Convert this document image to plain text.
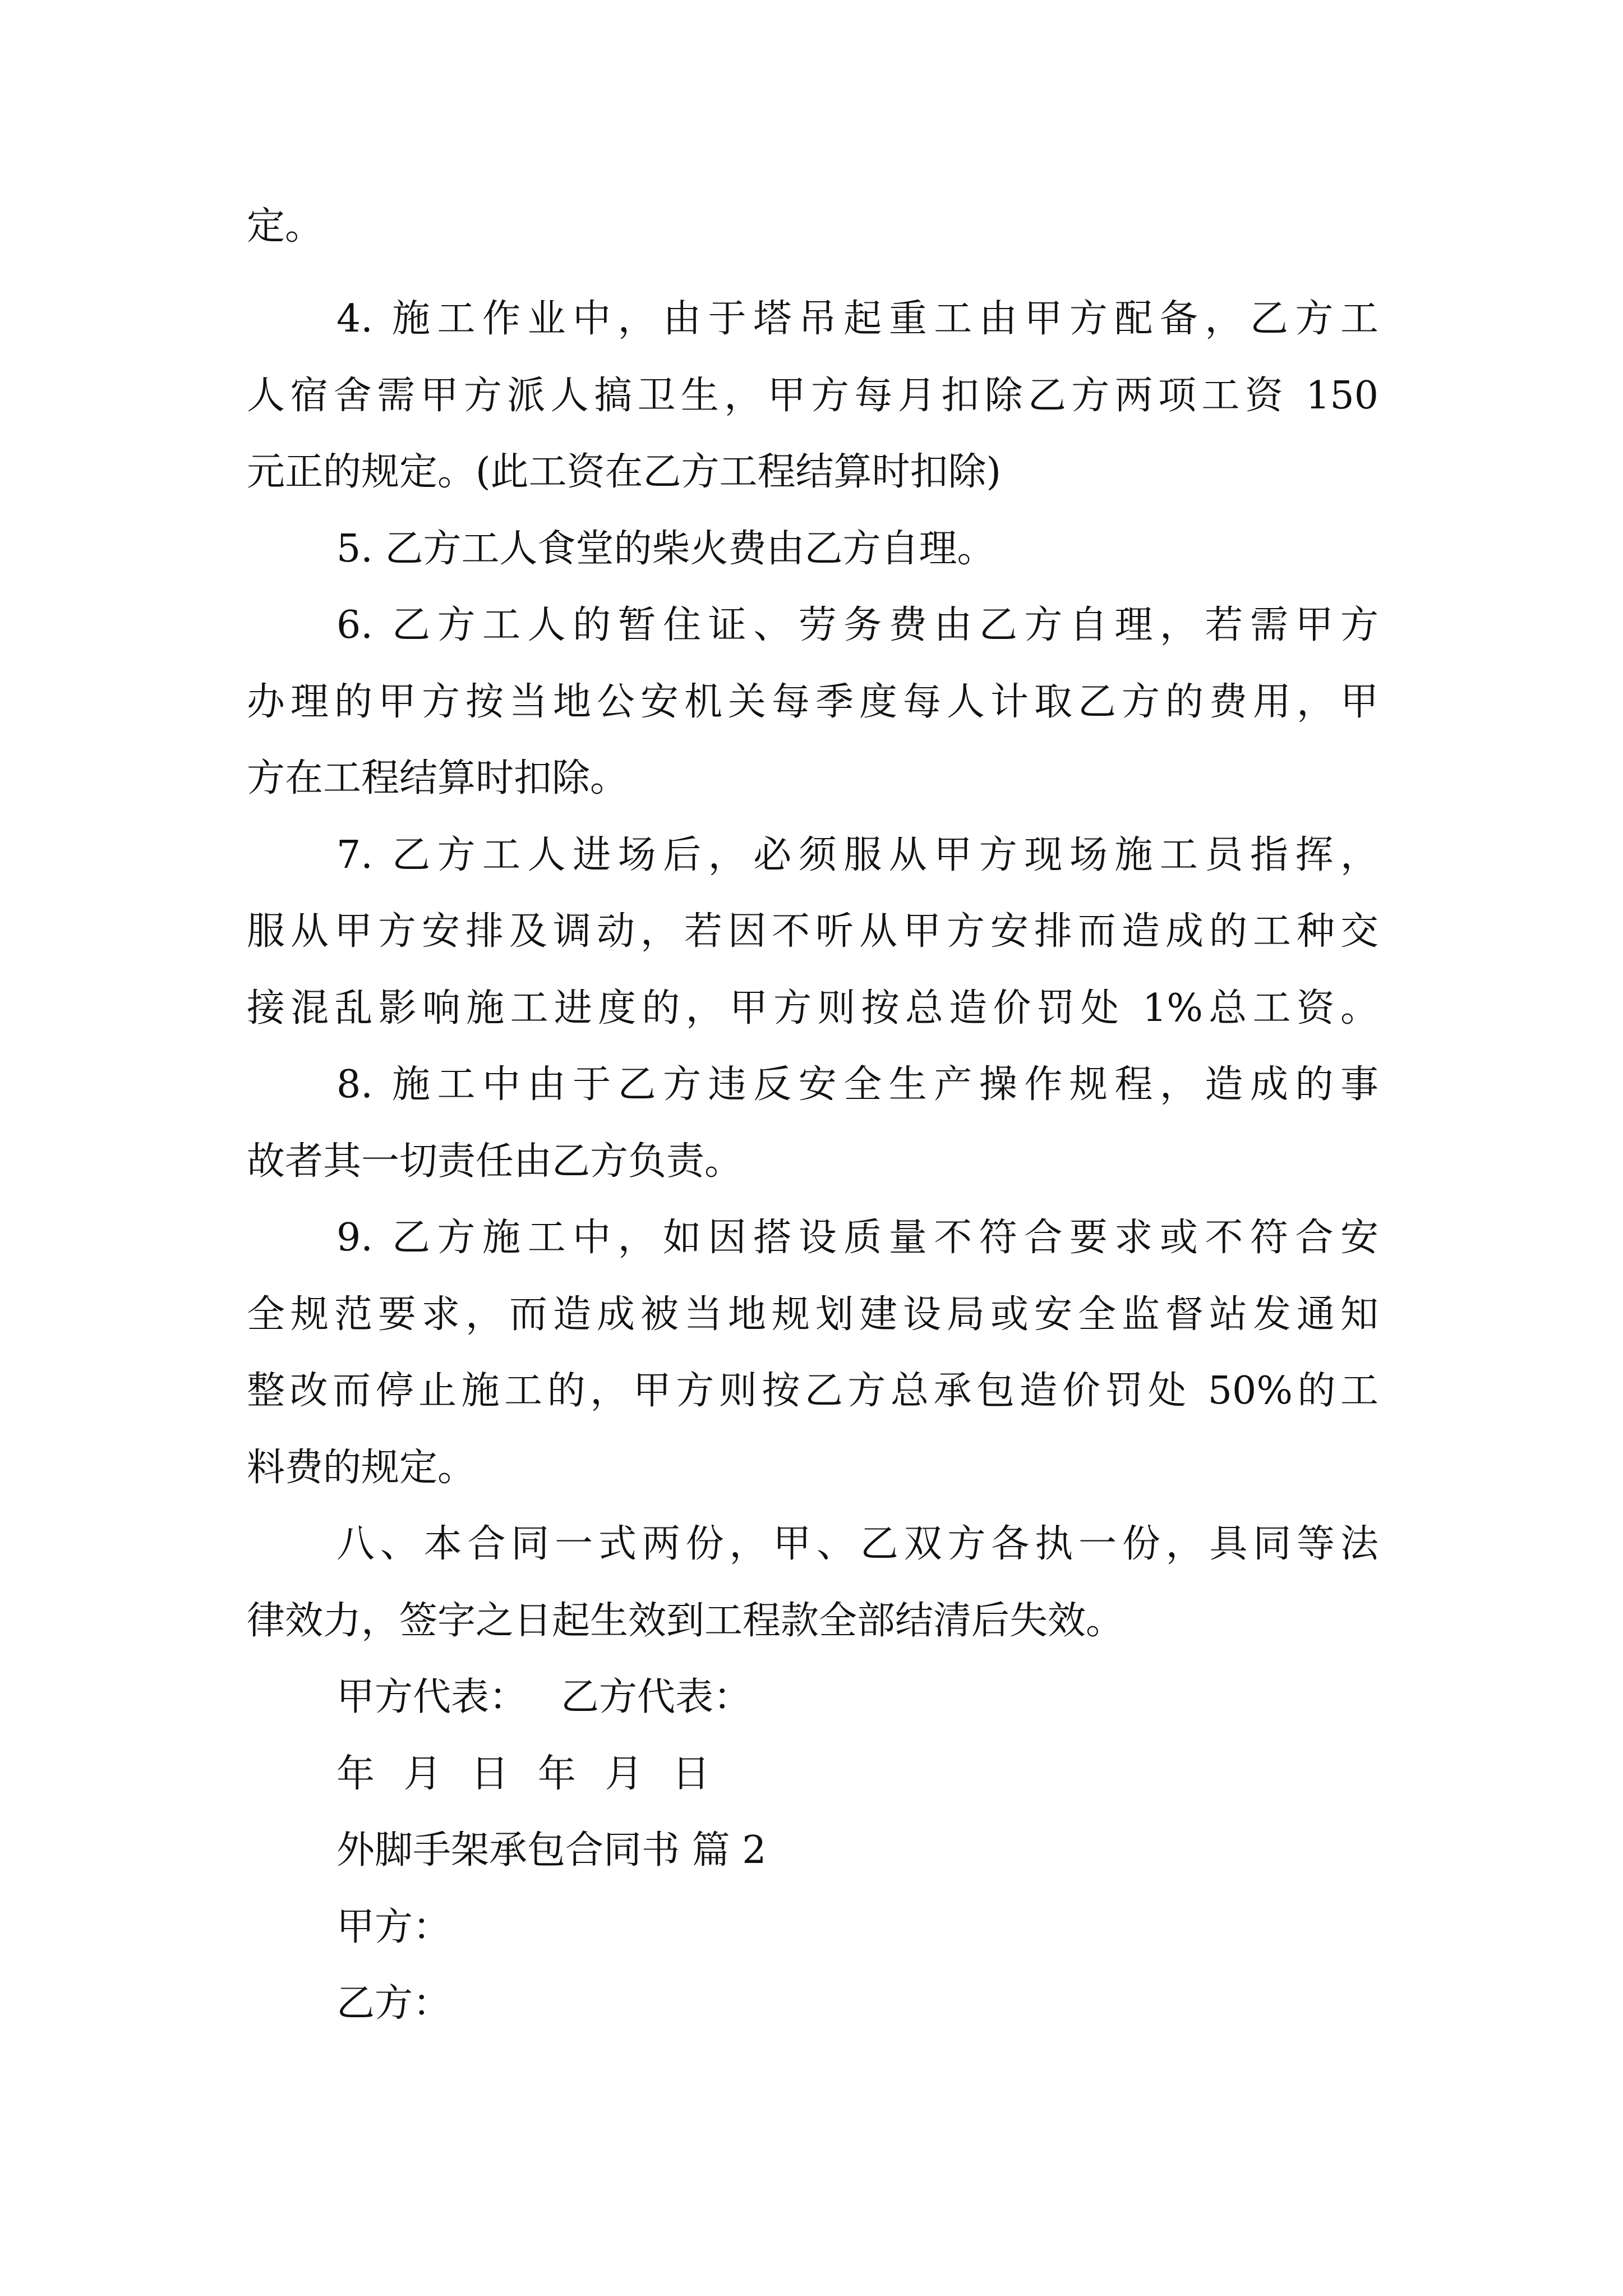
定。

4. 施工作业中，由于塔吊起重工由甲方配备，乙方工

人宿舍需甲方派人搞卫生，甲方每月扣除乙方两项工资 150

元正的规定。(此工资在乙方工程结算时扣除)

5. 乙方工人食堂的柴火费由乙方自理。

6. 乙方工人的暂住证、劳务费由乙方自理，若需甲方

办理的甲方按当地公安机关每季度每人计取乙方的费用，甲

方在工程结算时扣除。

7. 乙方工人进场后，必须服从甲方现场施工员指挥，

服从甲方安排及调动，若因不听从甲方安排而造成的工种交

接混乱影响施工进度的，甲方则按总造价罚处 1%总工资。

8. 施工中由于乙方违反安全生产操作规程，造成的事

故者其一切责任由乙方负责。

9. 乙方施工中，如因搭设质量不符合要求或不符合安

全规范要求，而造成被当地规划建设局或安全监督站发通知

整改而停止施工的，甲方则按乙方总承包造价罚处 50%的工

料费的规定。

八、本合同一式两份，甲、乙双方各执一份，具同等法

律效力，签字之日起生效到工程款全部结清后失效。

甲方代表： 乙方代表：

年 月 日 年 月 日

外脚手架承包合同书 篇 2

甲方：

乙方：
